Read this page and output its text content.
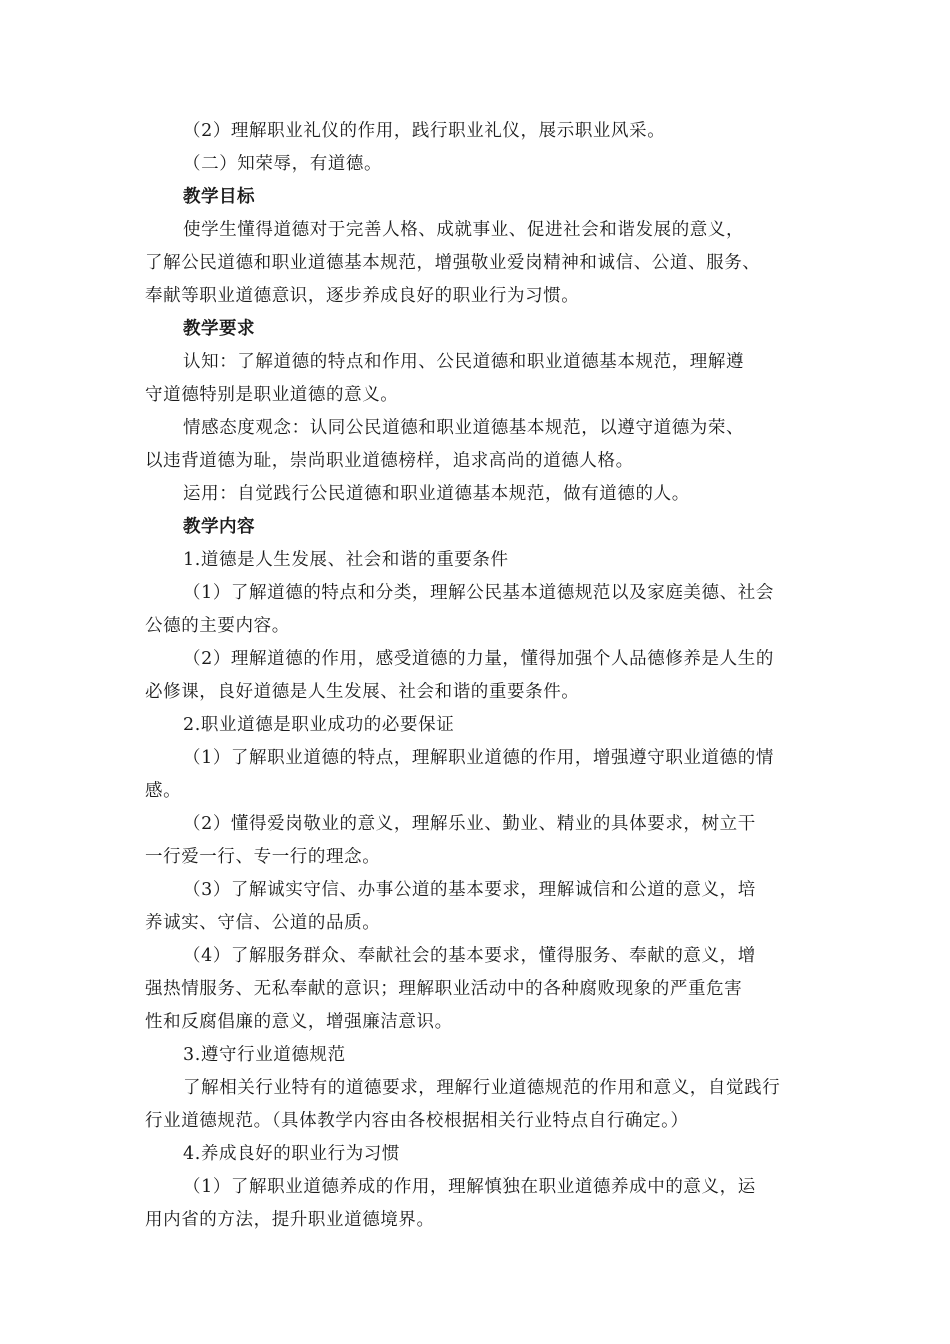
（2）理解职业礼仪的作用，践行职业礼仪，展示职业风采。
（二）知荣辱，有道德。
教学目标
使学生懂得道德对于完善人格、成就事业、促进社会和谐发展的意义，
了解公民道德和职业道德基本规范，增强敬业爱岗精神和诚信、公道、服务、
奉献等职业道德意识，逐步养成良好的职业行为习惯。
教学要求
认知：了解道德的特点和作用、公民道德和职业道德基本规范，理解遵
守道德特别是职业道德的意义。
情感态度观念：认同公民道德和职业道德基本规范，以遵守道德为荣、
以违背道德为耻，崇尚职业道德榜样，追求高尚的道德人格。
运用：自觉践行公民道德和职业道德基本规范，做有道德的人。
教学内容
1.道德是人生发展、社会和谐的重要条件
（1）了解道德的特点和分类，理解公民基本道德规范以及家庭美德、社会
公德的主要内容。
（2）理解道德的作用，感受道德的力量，懂得加强个人品德修养是人生的
必修课，良好道德是人生发展、社会和谐的重要条件。
2.职业道德是职业成功的必要保证
（1）了解职业道德的特点，理解职业道德的作用，增强遵守职业道德的情
感。
（2）懂得爱岗敬业的意义，理解乐业、勤业、精业的具体要求，树立干
一行爱一行、专一行的理念。
（3）了解诚实守信、办事公道的基本要求，理解诚信和公道的意义，培
养诚实、守信、公道的品质。
（4）了解服务群众、奉献社会的基本要求，懂得服务、奉献的意义，增
强热情服务、无私奉献的意识；理解职业活动中的各种腐败现象的严重危害
性和反腐倡廉的意义，增强廉洁意识。
3.遵守行业道德规范
了解相关行业特有的道德要求，理解行业道德规范的作用和意义，自觉践行
行业道德规范。（具体教学内容由各校根据相关行业特点自行确定。）
4.养成良好的职业行为习惯
（1）了解职业道德养成的作用，理解慎独在职业道德养成中的意义，运
用内省的方法，提升职业道德境界。
